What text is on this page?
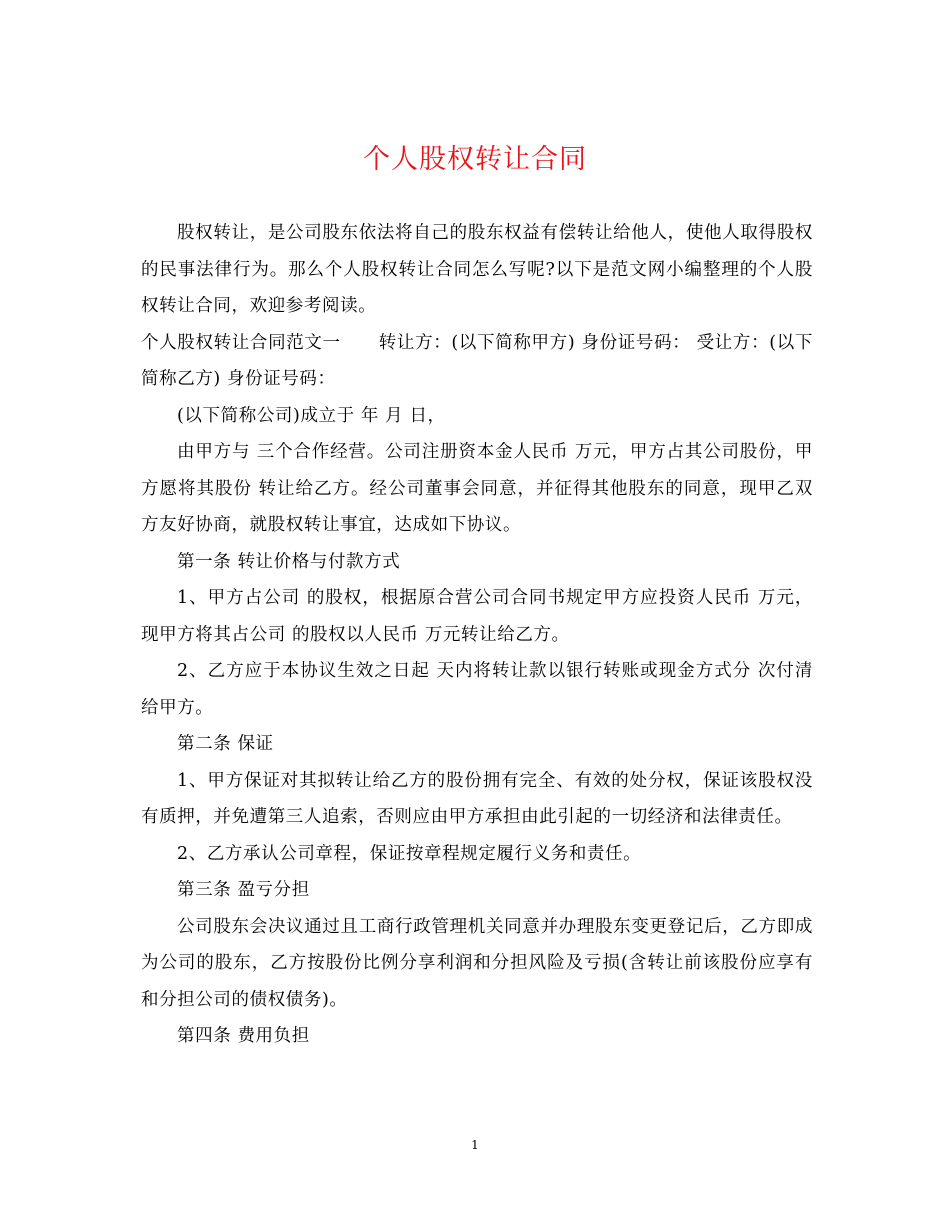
个人股权转让合同

股权转让，是公司股东依法将自己的股东权益有偿转让给他人，使他人取得股权的民事法律行为。那么个人股权转让合同怎么写呢?以下是范文网小编整理的个人股权转让合同，欢迎参考阅读。

个人股权转让合同范文一 转让方：(以下简称甲方) 身份证号码： 受让方：(以下简称乙方) 身份证号码：

(以下简称公司)成立于 年 月 日，

由甲方与 三个合作经营。公司注册资本金人民币 万元，甲方占其公司股份，甲方愿将其股份 转让给乙方。经公司董事会同意，并征得其他股东的同意，现甲乙双方友好协商，就股权转让事宜，达成如下协议。

第一条 转让价格与付款方式

1、甲方占公司 的股权，根据原合营公司合同书规定甲方应投资人民币 万元，现甲方将其占公司 的股权以人民币 万元转让给乙方。

2、乙方应于本协议生效之日起 天内将转让款以银行转账或现金方式分 次付清给甲方。

第二条 保证

1、甲方保证对其拟转让给乙方的股份拥有完全、有效的处分权，保证该股权没有质押，并免遭第三人追索，否则应由甲方承担由此引起的一切经济和法律责任。

2、乙方承认公司章程，保证按章程规定履行义务和责任。

第三条 盈亏分担

公司股东会决议通过且工商行政管理机关同意并办理股东变更登记后，乙方即成为公司的股东，乙方按股份比例分享利润和分担风险及亏损(含转让前该股份应享有和分担公司的债权债务)。

第四条 费用负担

1
